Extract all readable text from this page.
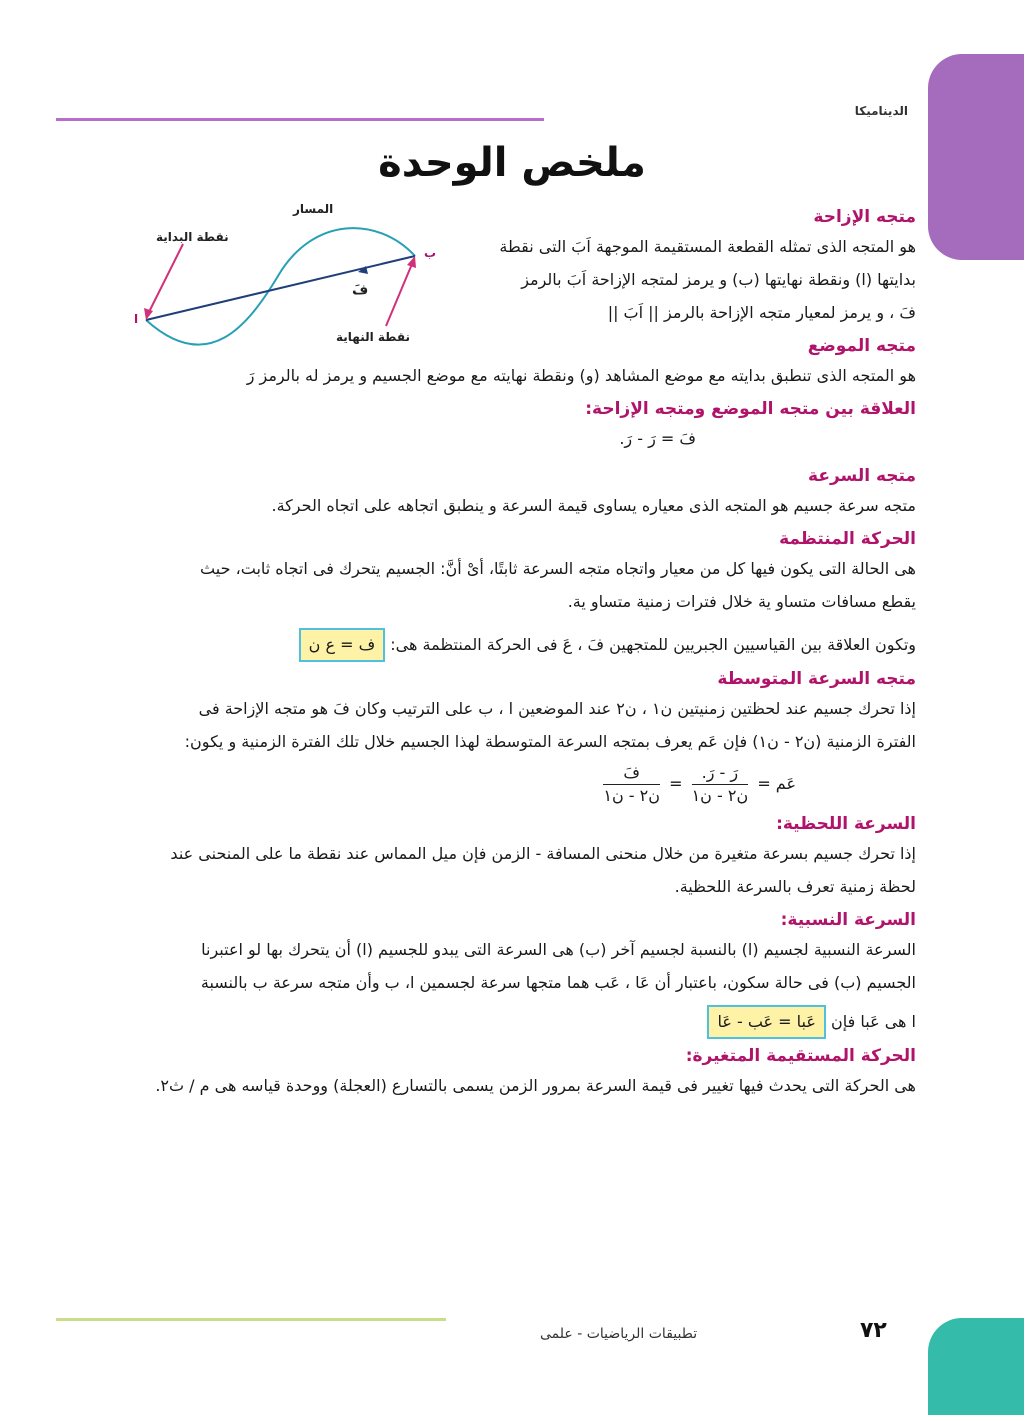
الديناميكا
ملخص الوحدة
المسار
نقطة البداية
نقطة النهاية
ا
ب
فَ
متجه الإزاحة
هو المتجه الذى تمثله القطعة المستقيمة الموجهة اَبَ التى نقطة
بدايتها (ا) ونقطة نهايتها (ب) و يرمز لمتجه الإزاحة اَبَ بالرمز
فَ ، و يرمز لمعيار متجه الإزاحة بالرمز || اَبَ ||
متجه الموضع
هو المتجه الذى تنطبق بدايته مع موضع المشاهد (و) ونقطة نهايته مع موضع الجسيم و يرمز له بالرمز رَ
العلاقة بين متجه الموضع ومتجه الإزاحة:
فَ = رَ - رَ.
متجه السرعة
متجه سرعة جسيم هو المتجه الذى معياره يساوى قيمة السرعة و ينطبق اتجاهه على اتجاه الحركة.
الحركة المنتظمة
هى الحالة التى يكون فيها كل من معيار واتجاه متجه السرعة ثابتًا، أىْ أنَّ: الجسيم يتحرك فى اتجاه ثابت، حيث
يقطع مسافات متساو ية خلال فترات زمنية متساو ية.
وتكون العلاقة بين القياسيين الجبريين للمتجهين فَ ، عَ فى الحركة المنتظمة هى: ف = ع ن
متجه السرعة المتوسطة
إذا تحرك جسيم عند لحظتين زمنيتين ن١ ، ن٢ عند الموضعين ا ، ب على الترتيب وكان فَ هو متجه الإزاحة فى
الفترة الزمنية (ن٢ - ن١) فإن عَم يعرف بمتجه السرعة المتوسطة لهذا الجسيم خلال تلك الفترة الزمنية و يكون:
عَم =
$\frac{\text{رَ - رَ.}}{\text{ن٢ - ن١}}$
=
$\frac{\text{فَ}}{\text{ن٢ - ن١}}$
السرعة اللحظية:
إذا تحرك جسيم بسرعة متغيرة من خلال منحنى المسافة - الزمن فإن ميل المماس عند نقطة ما على المنحنى عند
لحظة زمنية تعرف بالسرعة اللحظية.
السرعة النسبية:
السرعة النسبية لجسيم (ا) بالنسبة لجسيم آخر (ب) هى السرعة التى يبدو للجسيم (ا) أن يتحرك بها لو اعتبرنا
الجسيم (ب) فى حالة سكون، باعتبار أن عَا ، عَب هما متجها سرعة لجسمين ا، ب وأن متجه سرعة ب بالنسبة
ا هى عَبا فإن عَبا = عَب - عَا
الحركة المستقيمة المتغيرة:
هى الحركة التى يحدث فيها تغيير فى قيمة السرعة بمرور الزمن يسمى بالتسارع (العجلة) ووحدة قياسه هى م / ث٢.
تطبيقات الرياضيات - علمى	٧٢
